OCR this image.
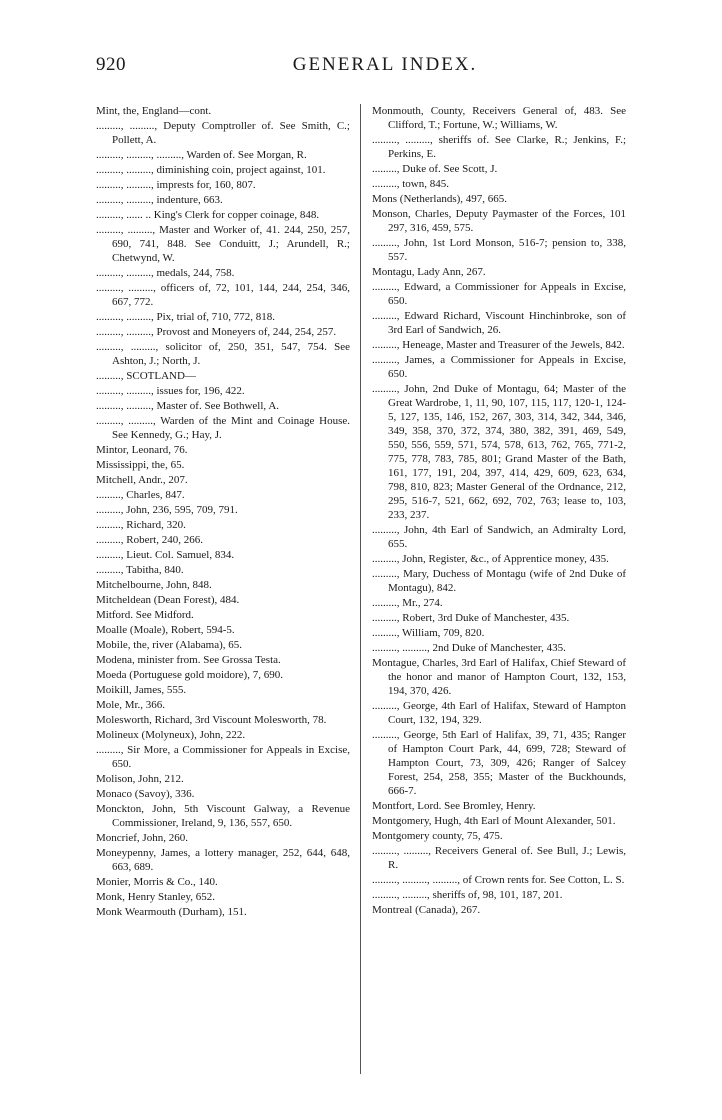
920	GENERAL INDEX.
Mint, the, England—cont.
........., ........., Deputy Comptroller of. See Smith, C.; Pollett, A.
........., ........., ........., Warden of. See Morgan, R.
........., ........., diminishing coin, project against, 101.
........., ........., imprests for, 160, 807.
........., ........., indenture, 663.
........., ...... .. King's Clerk for copper coinage, 848.
........., ........., Master and Worker of, 41. 244, 250, 257, 690, 741, 848. See Conduitt, J.; Arundell, R.; Chetwynd, W.
........., ........., medals, 244, 758.
........., ........., officers of, 72, 101, 144, 244, 254, 346, 667, 772.
........., ........., Pix, trial of, 710, 772, 818.
........., ........., Provost and Moneyers of, 244, 254, 257.
........., ........., solicitor of, 250, 351, 547, 754. See Ashton, J.; North, J.
........., SCOTLAND—
........., ........., issues for, 196, 422.
........., ........., Master of. See Bothwell, A.
........., ........., Warden of the Mint and Coinage House. See Kennedy, G.; Hay, J.
Mintor, Leonard, 76.
Mississippi, the, 65.
Mitchell, Andr., 207.
........., Charles, 847.
........., John, 236, 595, 709, 791.
........., Richard, 320.
........., Robert, 240, 266.
........., Lieut. Col. Samuel, 834.
........., Tabitha, 840.
Mitchelbourne, John, 848.
Mitcheldean (Dean Forest), 484.
Mitford. See Midford.
Moalle (Moale), Robert, 594-5.
Mobile, the, river (Alabama), 65.
Modena, minister from. See Grossa Testa.
Moeda (Portuguese gold moidore), 7, 690.
Moikill, James, 555.
Mole, Mr., 366.
Molesworth, Richard, 3rd Viscount Molesworth, 78.
Molineux (Molyneux), John, 222.
........., Sir More, a Commissioner for Appeals in Excise, 650.
Molison, John, 212.
Monaco (Savoy), 336.
Monckton, John, 5th Viscount Galway, a Revenue Commissioner, Ireland, 9, 136, 557, 650.
Moncrief, John, 260.
Moneypenny, James, a lottery manager, 252, 644, 648, 663, 689.
Monier, Morris & Co., 140.
Monk, Henry Stanley, 652.
Monk Wearmouth (Durham), 151.
Monmouth, County, Receivers General of, 483. See Clifford, T.; Fortune, W.; Williams, W.
........., ........., sheriffs of. See Clarke, R.; Jenkins, F.; Perkins, E.
........., Duke of. See Scott, J.
........., town, 845.
Mons (Netherlands), 497, 665.
Monson, Charles, Deputy Paymaster of the Forces, 101 297, 316, 459, 575.
........., John, 1st Lord Monson, 516-7; pension to, 338, 557.
Montagu, Lady Ann, 267.
........., Edward, a Commissioner for Appeals in Excise, 650.
........., Edward Richard, Viscount Hinchinbroke, son of 3rd Earl of Sandwich, 26.
........., Heneage, Master and Treasurer of the Jewels, 842.
........., James, a Commissioner for Appeals in Excise, 650.
........., John, 2nd Duke of Montagu, 64; Master of the Great Wardrobe, 1, 11, 90, 107, 115, 117, 120-1, 124-5, 127, 135, 146, 152, 267, 303, 314, 342, 344, 346, 349, 358, 370, 372, 374, 380, 382, 391, 469, 549, 550, 556, 559, 571, 574, 578, 613, 762, 765, 771-2, 775, 778, 783, 785, 801; Grand Master of the Bath, 161, 177, 191, 204, 397, 414, 429, 609, 623, 634, 798, 810, 823; Master General of the Ordnance, 212, 295, 516-7, 521, 662, 692, 702, 763; lease to, 103, 233, 237.
........., John, 4th Earl of Sandwich, an Admiralty Lord, 655.
........., John, Register, &c., of Apprentice money, 435.
........., Mary, Duchess of Montagu (wife of 2nd Duke of Montagu), 842.
........., Mr., 274.
........., Robert, 3rd Duke of Manchester, 435.
........., William, 709, 820.
........., ........., 2nd Duke of Manchester, 435.
Montague, Charles, 3rd Earl of Halifax, Chief Steward of the honor and manor of Hampton Court, 132, 153, 194, 370, 426.
........., George, 4th Earl of Halifax, Steward of Hampton Court, 132, 194, 329.
........., George, 5th Earl of Halifax, 39, 71, 435; Ranger of Hampton Court Park, 44, 699, 728; Steward of Hampton Court, 73, 309, 426; Ranger of Salcey Forest, 254, 258, 355; Master of the Buckhounds, 666-7.
Montfort, Lord. See Bromley, Henry.
Montgomery, Hugh, 4th Earl of Mount Alexander, 501.
Montgomery county, 75, 475.
........., ........., Receivers General of. See Bull, J.; Lewis, R.
........., ........., ........., of Crown rents for. See Cotton, L. S.
........., ........., sheriffs of, 98, 101, 187, 201.
Montreal (Canada), 267.
